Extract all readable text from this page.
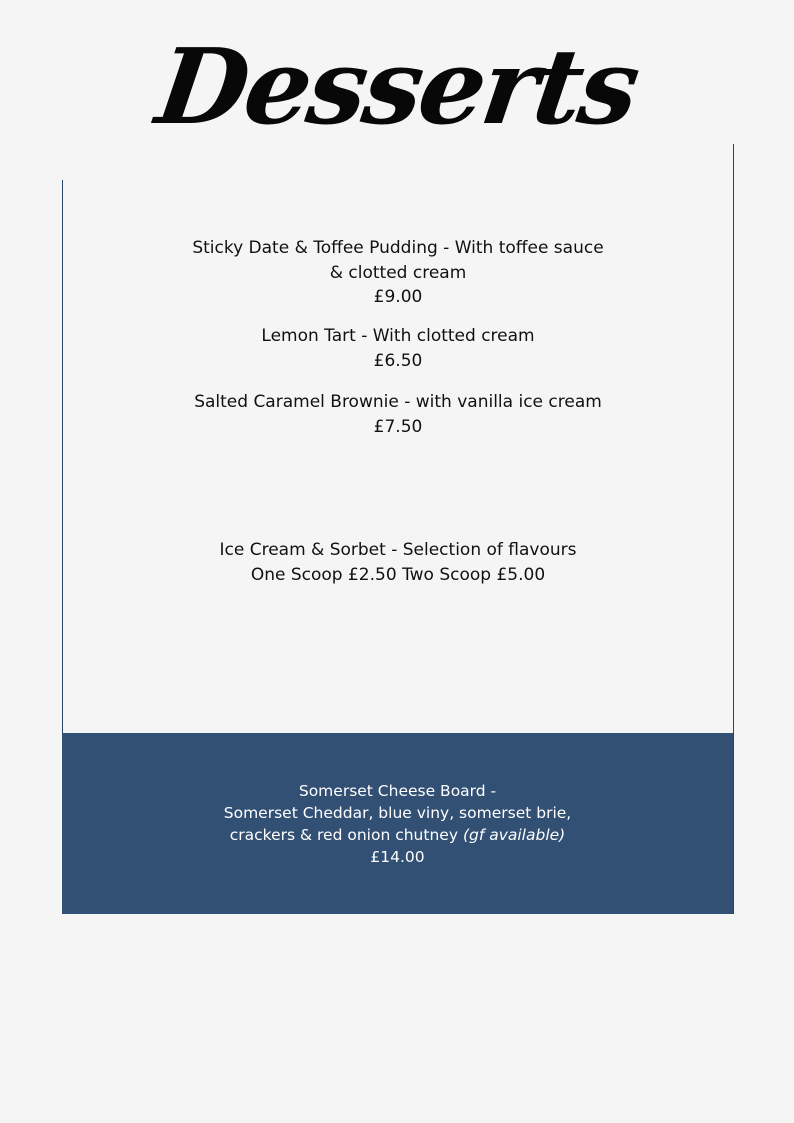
Desserts

Sticky Date & Toffee Pudding - With toffee sauce

& clotted cream

£9.00

Lemon Tart - With clotted cream

£6.50

Salted Caramel Brownie - with vanilla ice cream

£7.50

Ice Cream & Sorbet - Selection of flavours

One Scoop £2.50 Two Scoop £5.00

Somerset Cheese Board -

Somerset Cheddar, blue viny, somerset brie,

crackers & red onion chutney (gf available)

£14.00
